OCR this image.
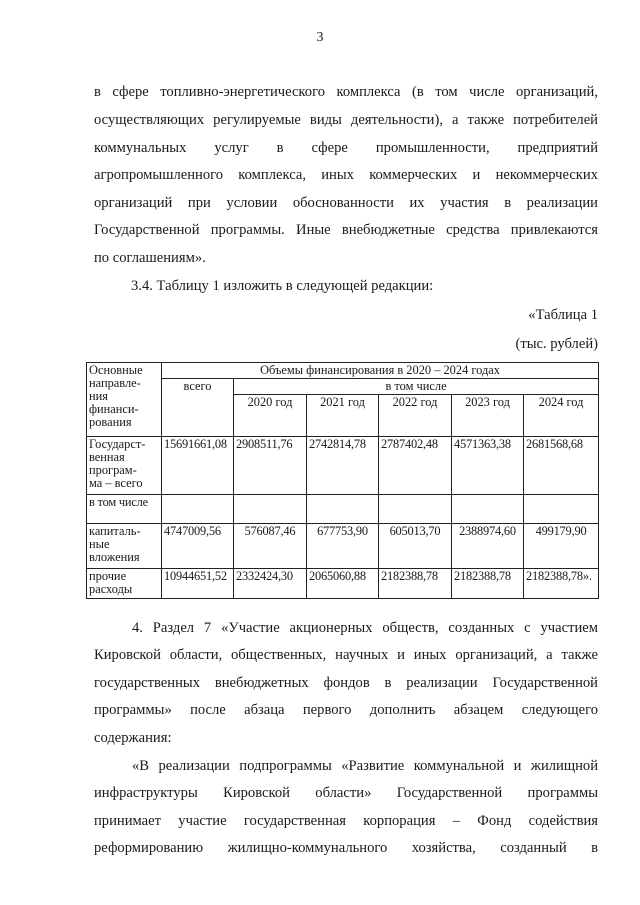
3
в сфере топливно-энергетического комплекса (в том числе организаций,
осуществляющих регулируемые виды деятельности), а также потребителей
коммунальных услуг в сфере промышленности, предприятий
агропромышленного комплекса, иных коммерческих и некоммерческих
организаций при условии обоснованности их участия в реализации
Государственной программы. Иные внебюджетные средства привлекаются
по соглашениям».
3.4. Таблицу 1 изложить в следующей редакции:
«Таблица 1
(тыс. рублей)
Основные
направле-
ния
финанси-
рования	Объемы финансирования в 2020 – 2024 годах					
	всего	в том числе				
		2020 год	2021 год	2022 год	2023 год	2024 год

Государст-
венная
програм-
ма – всего	15691661,08	2908511,76	2742814,78	2787402,48	4571363,38	2681568,68

в том числе						

капиталь-
ные
вложения	4747009,56	576087,46	677753,90	605013,70	2388974,60	499179,90

прочие
расходы	10944651,52	2332424,30	2065060,88	2182388,78	2182388,78	2182388,78».
4. Раздел 7 «Участие акционерных обществ, созданных с участием
Кировской области, общественных, научных и иных организаций, а также
государственных внебюджетных фондов в реализации Государственной
программы» после абзаца первого дополнить абзацем следующего
содержания:
«В реализации подпрограммы «Развитие коммунальной и жилищной
инфраструктуры Кировской области» Государственной программы
принимает участие государственная корпорация – Фонд содействия
реформированию жилищно-коммунального хозяйства, созданный в
